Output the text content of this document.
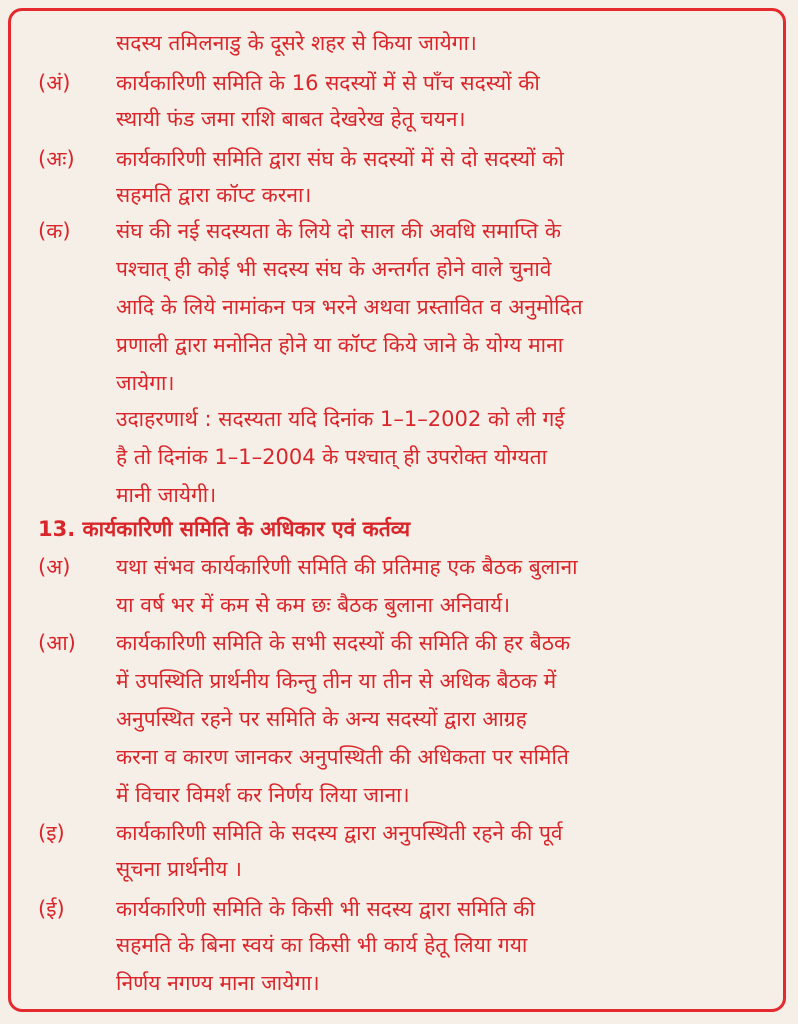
सदस्य तमिलनाडु के दूसरे शहर से किया जायेगा।
(अं) कार्यकारिणी समिति के 16 सदस्यों में से पाँच सदस्यों की
स्थायी फंड जमा राशि बाबत देखरेख हेतू चयन।
(अः) कार्यकारिणी समिति द्वारा संघ के सदस्यों में से दो सदस्यों को
सहमति द्वारा कॉप्ट करना।
(क) संघ की नई सदस्यता के लिये दो साल की अवधि समाप्ति के
पश्चात् ही कोई भी सदस्य संघ के अन्तर्गत होने वाले चुनावे
आदि के लिये नामांकन पत्र भरने अथवा प्रस्तावित व अनुमोदित
प्रणाली द्वारा मनोनित होने या कॉप्ट किये जाने के योग्य माना
जायेगा।
उदाहरणार्थ : सदस्यता यदि दिनांक 1–1–2002 को ली गई
है तो दिनांक 1–1–2004 के पश्चात् ही उपरोक्त योग्यता
मानी जायेगी।
13. कार्यकारिणी समिति के अधिकार एवं कर्तव्य
(अ) यथा संभव कार्यकारिणी समिति की प्रतिमाह एक बैठक बुलाना
या वर्ष भर में कम से कम छः बैठक बुलाना अनिवार्य।
(आ) कार्यकारिणी समिति के सभी सदस्यों की समिति की हर बैठक
में उपस्थिति प्रार्थनीय किन्तु तीन या तीन से अधिक बैठक में
अनुपस्थित रहने पर समिति के अन्य सदस्यों द्वारा आग्रह
करना व कारण जानकर अनुपस्थिती की अधिकता पर समिति
में विचार विमर्श कर निर्णय लिया जाना।
(इ) कार्यकारिणी समिति के सदस्य द्वारा अनुपस्थिती रहने की पूर्व
सूचना प्रार्थनीय ।
(ई) कार्यकारिणी समिति के किसी भी सदस्य द्वारा समिति की
सहमति के बिना स्वयं का किसी भी कार्य हेतू लिया गया
निर्णय नगण्य माना जायेगा।
